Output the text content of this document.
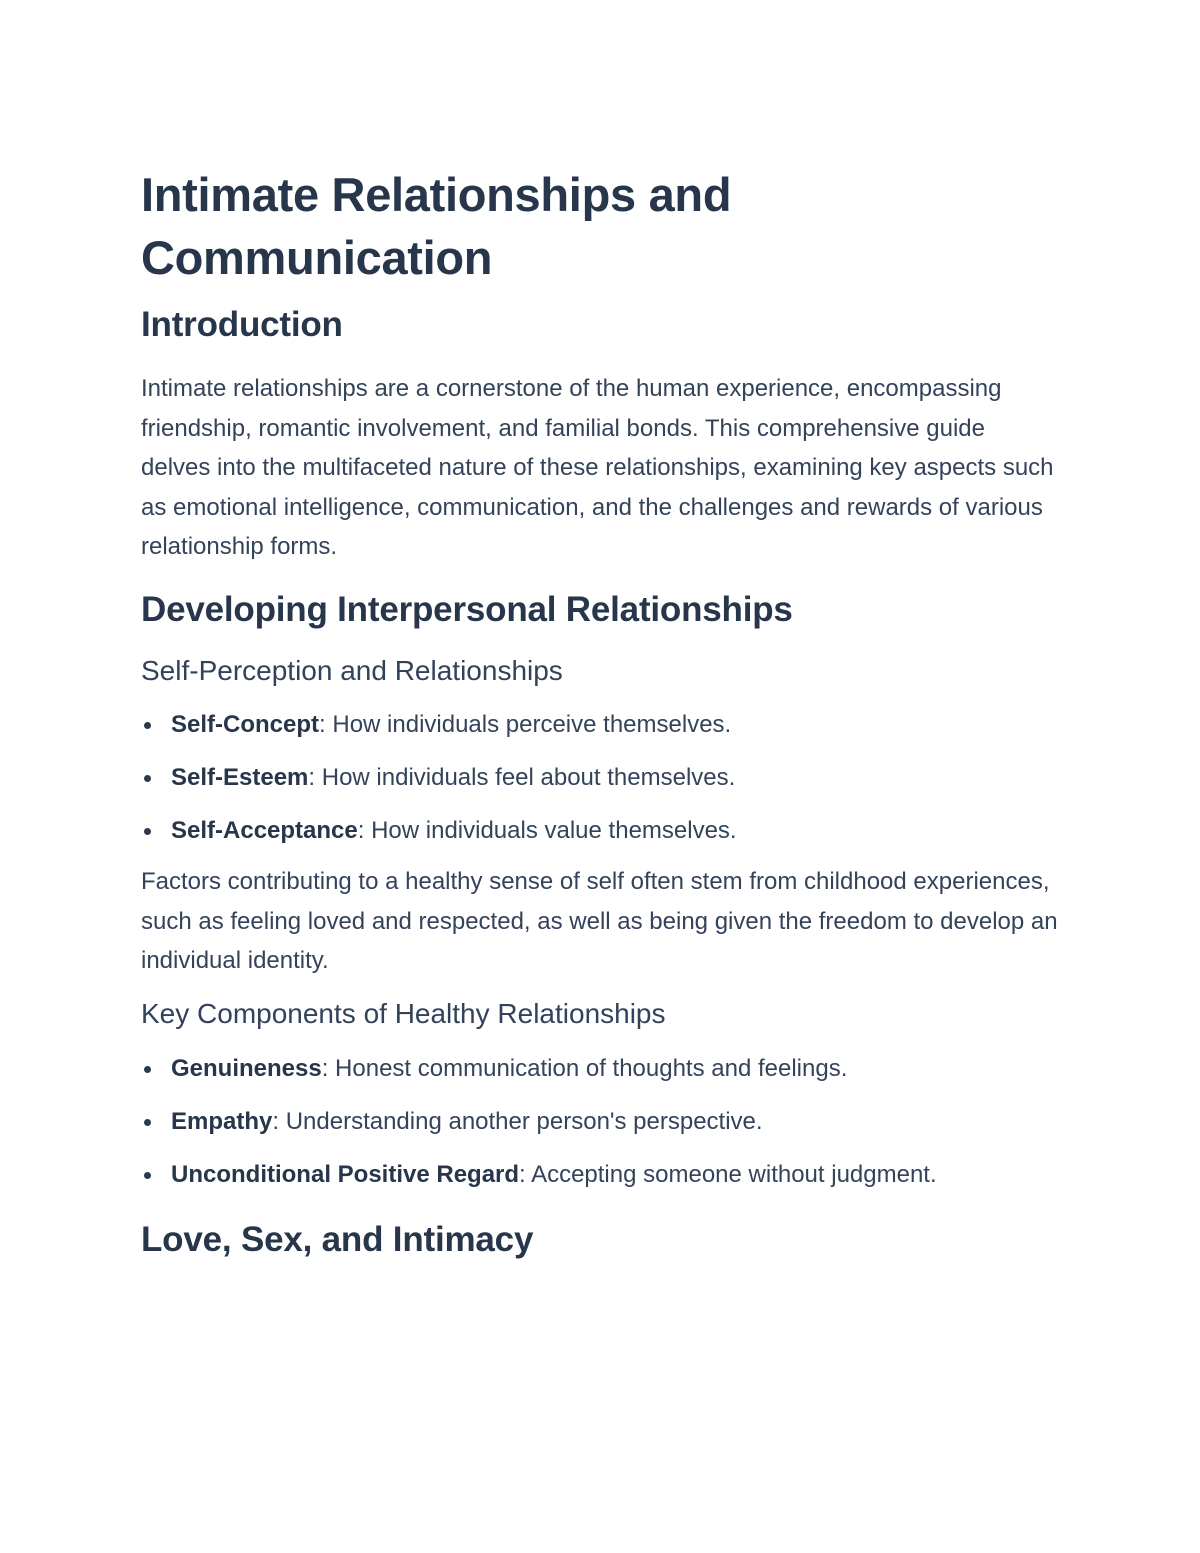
Intimate Relationships and
Communication
Introduction

Intimate relationships are a cornerstone of the human experience, encompassing friendship, romantic involvement, and familial bonds. This comprehensive guide delves into the multifaceted nature of these relationships, examining key aspects such as emotional intelligence, communication, and the challenges and rewards of various relationship forms.

Developing Interpersonal Relationships
Self-Perception and Relationships
Self-Concept: How individuals perceive themselves.
Self-Esteem: How individuals feel about themselves.
Self-Acceptance: How individuals value themselves.

Factors contributing to a healthy sense of self often stem from childhood experiences, such as feeling loved and respected, as well as being given the freedom to develop an individual identity.

Key Components of Healthy Relationships
Genuineness: Honest communication of thoughts and feelings.
Empathy: Understanding another person's perspective.
Unconditional Positive Regard: Accepting someone without judgment.
Love, Sex, and Intimacy
